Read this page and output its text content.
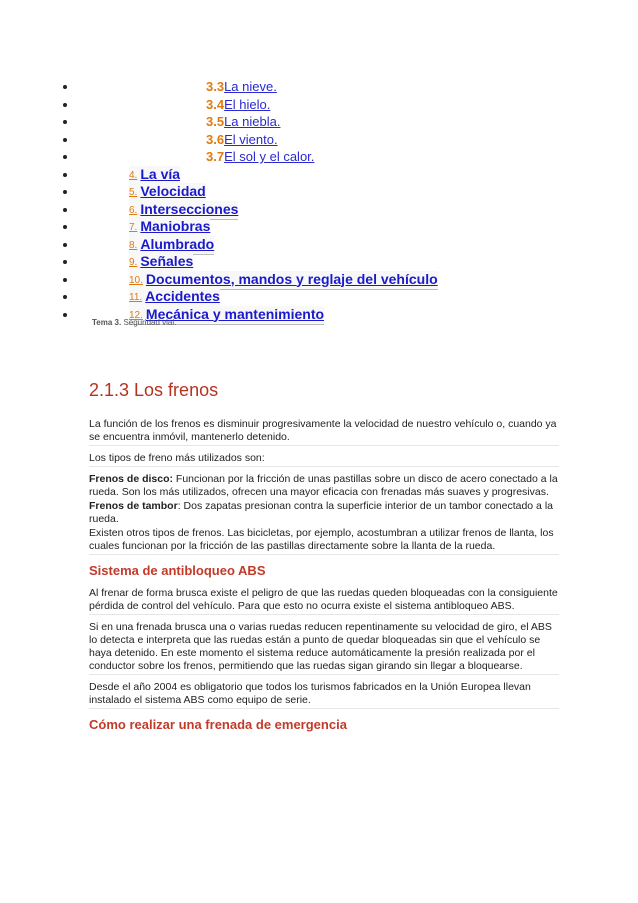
3.3La nieve.
3.4El hielo.
3.5La niebla.
3.6El viento.
3.7El sol y el calor.
4. La vía
5. Velocidad
6. Intersecciones
7. Maniobras
8. Alumbrado
9. Señales
10. Documentos, mandos y reglaje del vehículo
11. Accidentes
12. Mecánica y mantenimiento
Tema 3. Seguridad vial.
2.1.3 Los frenos

La función de los frenos es disminuir progresivamente la velocidad de nuestro vehículo o, cuando ya se encuentra inmóvil, mantenerlo detenido.

Los tipos de freno más utilizados son:

Frenos de disco: Funcionan por la fricción de unas pastillas sobre un disco de acero conectado a la rueda. Son los más utilizados, ofrecen una mayor eficacia con frenadas más suaves y progresivas.

Frenos de tambor: Dos zapatas presionan contra la superficie interior de un tambor conectado a la rueda.

Existen otros tipos de frenos. Las bicicletas, por ejemplo, acostumbran a utilizar frenos de llanta, los cuales funcionan por la fricción de las pastillas directamente sobre la llanta de la rueda.

Sistema de antibloqueo ABS

Al frenar de forma brusca existe el peligro de que las ruedas queden bloqueadas con la consiguiente pérdida de control del vehículo. Para que esto no ocurra existe el sistema antibloqueo ABS.

Si en una frenada brusca una o varias ruedas reducen repentinamente su velocidad de giro, el ABS lo detecta e interpreta que las ruedas están a punto de quedar bloqueadas sin que el vehículo se haya detenido. En este momento el sistema reduce automáticamente la presión realizada por el conductor sobre los frenos, permitiendo que las ruedas sigan girando sin llegar a bloquearse.

Desde el año 2004 es obligatorio que todos los turismos fabricados en la Unión Europea llevan instalado el sistema ABS como equipo de serie.

Cómo realizar una frenada de emergencia
